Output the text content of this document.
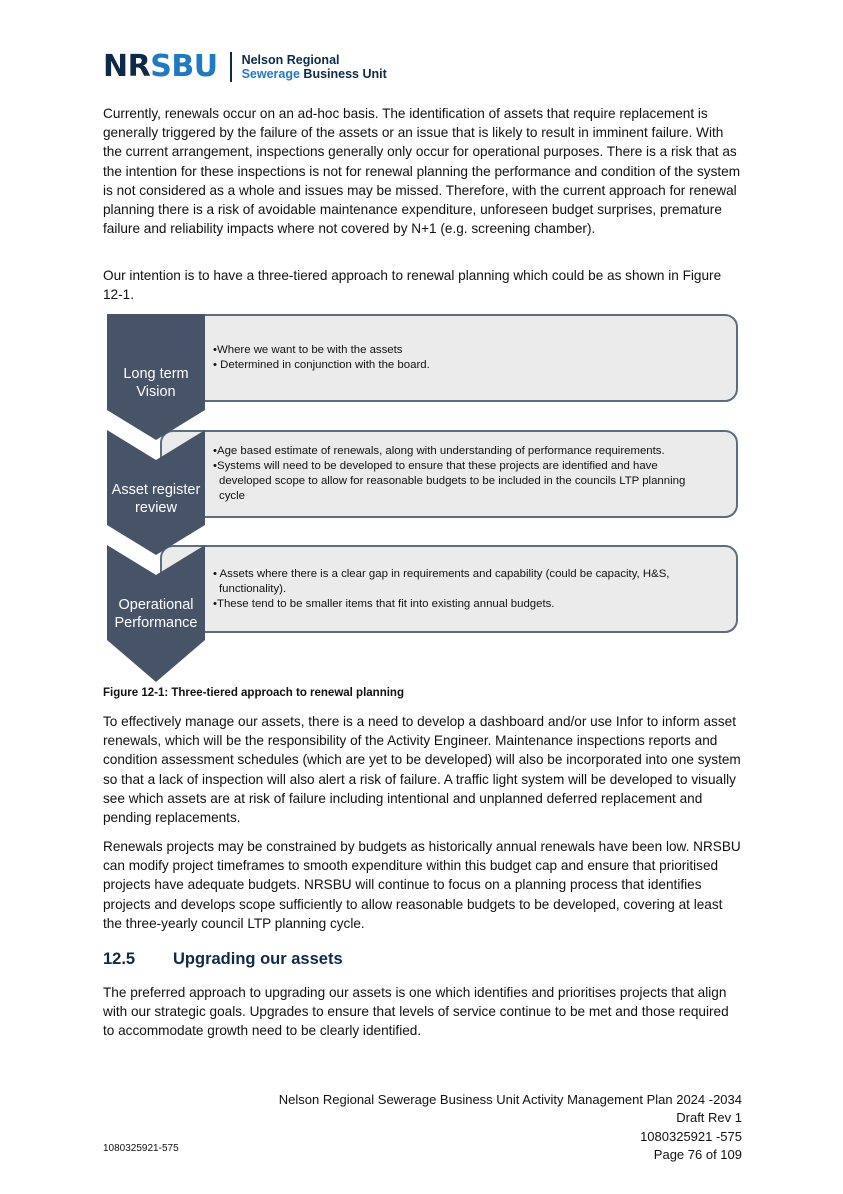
NRSBU Nelson Regional
Sewerage Business Unit

Currently, renewals occur on an ad-hoc basis. The identification of assets that require replacement is generally triggered by the failure of the assets or an issue that is likely to result in imminent failure. With the current arrangement, inspections generally only occur for operational purposes. There is a risk that as the intention for these inspections is not for renewal planning the performance and condition of the system is not considered as a whole and issues may be missed. Therefore, with the current approach for renewal planning there is a risk of avoidable maintenance expenditure, unforeseen budget surprises, premature failure and reliability impacts where not covered by N+1 (e.g. screening chamber).

Our intention is to have a three-tiered approach to renewal planning which could be as shown in Figure 12-1.

Long term
Vision
Asset register
review
Operational
Performance
•Where we want to be with the assets
• Determined in conjunction with the board.
•Age based estimate of renewals, along with understanding of performance requirements.
•Systems will need to be developed to ensure that these projects are identified and have
developed scope to allow for reasonable budgets to be included in the councils LTP planning
cycle
• Assets where there is a clear gap in requirements and capability (could be capacity, H&S,
functionality).
•These tend to be smaller items that fit into existing annual budgets.
Figure 12-1: Three-tiered approach to renewal planning

To effectively manage our assets, there is a need to develop a dashboard and/or use Infor to inform asset renewals, which will be the responsibility of the Activity Engineer. Maintenance inspections reports and condition assessment schedules (which are yet to be developed) will also be incorporated into one system so that a lack of inspection will also alert a risk of failure. A traffic light system will be developed to visually see which assets are at risk of failure including intentional and unplanned deferred replacement and pending replacements.

Renewals projects may be constrained by budgets as historically annual renewals have been low. NRSBU can modify project timeframes to smooth expenditure within this budget cap and ensure that prioritised projects have adequate budgets. NRSBU will continue to focus on a planning process that identifies projects and develops scope sufficiently to allow reasonable budgets to be developed, covering at least the three-yearly council LTP planning cycle.

12.5 Upgrading our assets

The preferred approach to upgrading our assets is one which identifies and prioritises projects that align with our strategic goals. Upgrades to ensure that levels of service continue to be met and those required to accommodate growth need to be clearly identified.

Nelson Regional Sewerage Business Unit Activity Management Plan 2024 -2034
Draft Rev 1
1080325921 -575
Page 76 of 109
1080325921-575
